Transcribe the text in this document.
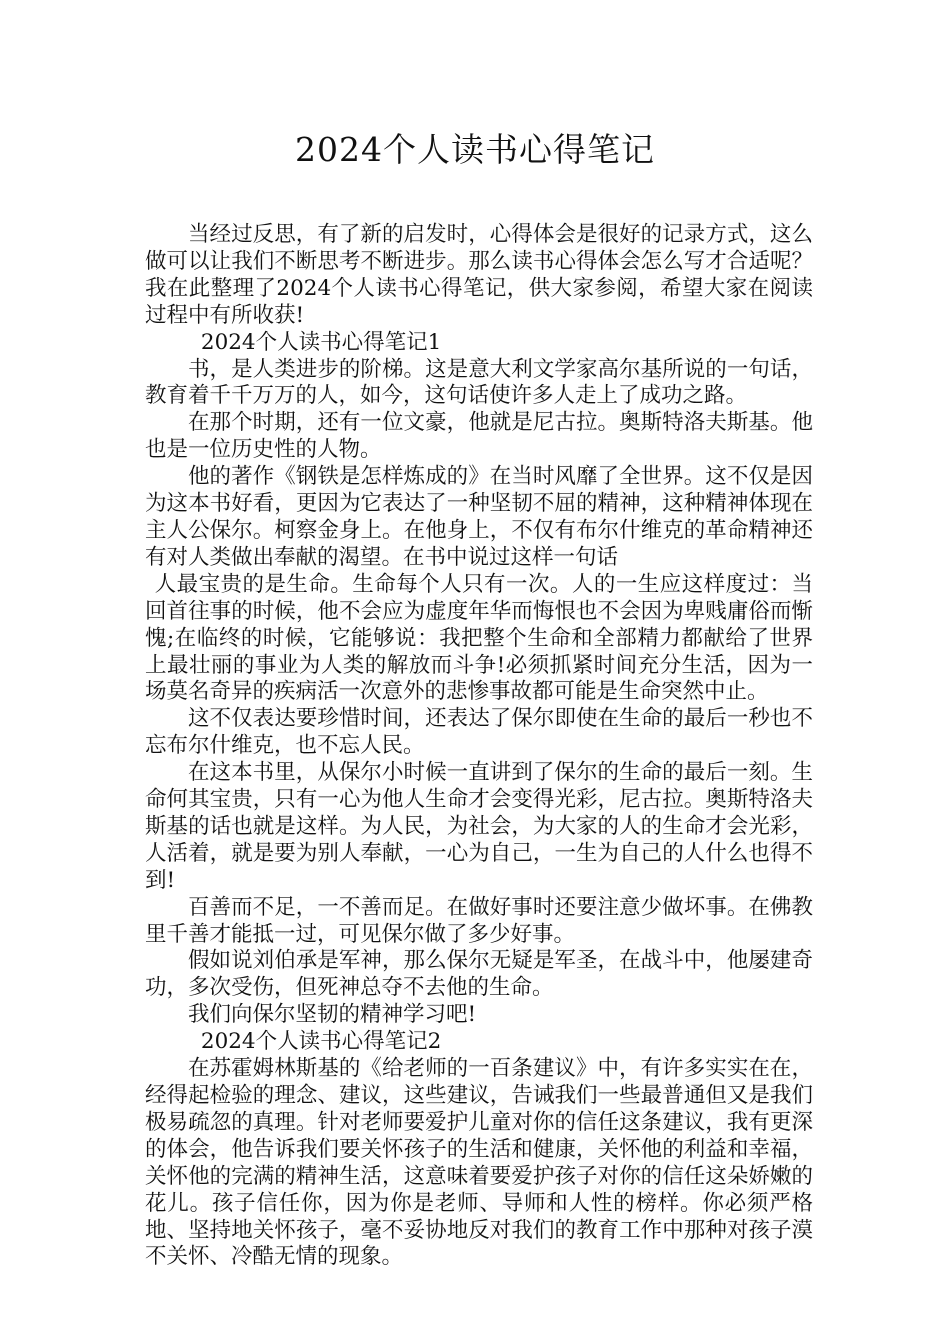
2024个人读书心得笔记

当经过反思，有了新的启发时，心得体会是很好的记录方式，这么做可以让我们不断思考不断进步。那么读书心得体会怎么写才合适呢？我在此整理了2024个人读书心得笔记，供大家参阅，希望大家在阅读过程中有所收获!

2024个人读书心得笔记1

书，是人类进步的阶梯。这是意大利文学家高尔基所说的一句话，教育着千千万万的人，如今，这句话使许多人走上了成功之路。

在那个时期，还有一位文豪，他就是尼古拉。奥斯特洛夫斯基。他也是一位历史性的人物。

他的著作《钢铁是怎样炼成的》在当时风靡了全世界。这不仅是因为这本书好看，更因为它表达了一种坚韧不屈的精神，这种精神体现在主人公保尔。柯察金身上。在他身上，不仅有布尔什维克的革命精神还有对人类做出奉献的渴望。在书中说过这样一句话

人最宝贵的是生命。生命每个人只有一次。人的一生应这样度过：当回首往事的时候，他不会应为虚度年华而悔恨也不会因为卑贱庸俗而惭愧;在临终的时候，它能够说：我把整个生命和全部精力都献给了世界上最壮丽的事业为人类的解放而斗争!必须抓紧时间充分生活，因为一场莫名奇异的疾病活一次意外的悲惨事故都可能是生命突然中止。

这不仅表达要珍惜时间，还表达了保尔即使在生命的最后一秒也不忘布尔什维克，也不忘人民。

在这本书里，从保尔小时候一直讲到了保尔的生命的最后一刻。生命何其宝贵，只有一心为他人生命才会变得光彩，尼古拉。奥斯特洛夫斯基的话也就是这样。为人民，为社会，为大家的人的生命才会光彩，人活着，就是要为别人奉献，一心为自己，一生为自己的人什么也得不到!

百善而不足，一不善而足。在做好事时还要注意少做坏事。在佛教里千善才能抵一过，可见保尔做了多少好事。

假如说刘伯承是军神，那么保尔无疑是军圣，在战斗中，他屡建奇功，多次受伤，但死神总夺不去他的生命。

我们向保尔坚韧的精神学习吧!

2024个人读书心得笔记2

在苏霍姆林斯基的《给老师的一百条建议》中，有许多实实在在，经得起检验的理念、建议，这些建议，告诫我们一些最普通但又是我们极易疏忽的真理。针对老师要爱护儿童对你的信任这条建议，我有更深的体会，他告诉我们要关怀孩子的生活和健康，关怀他的利益和幸福，关怀他的完满的精神生活，这意味着要爱护孩子对你的信任这朵娇嫩的花儿。孩子信任你，因为你是老师、导师和人性的榜样。你必须严格地、坚持地关怀孩子，毫不妥协地反对我们的教育工作中那种对孩子漠不关怀、冷酷无情的现象。
